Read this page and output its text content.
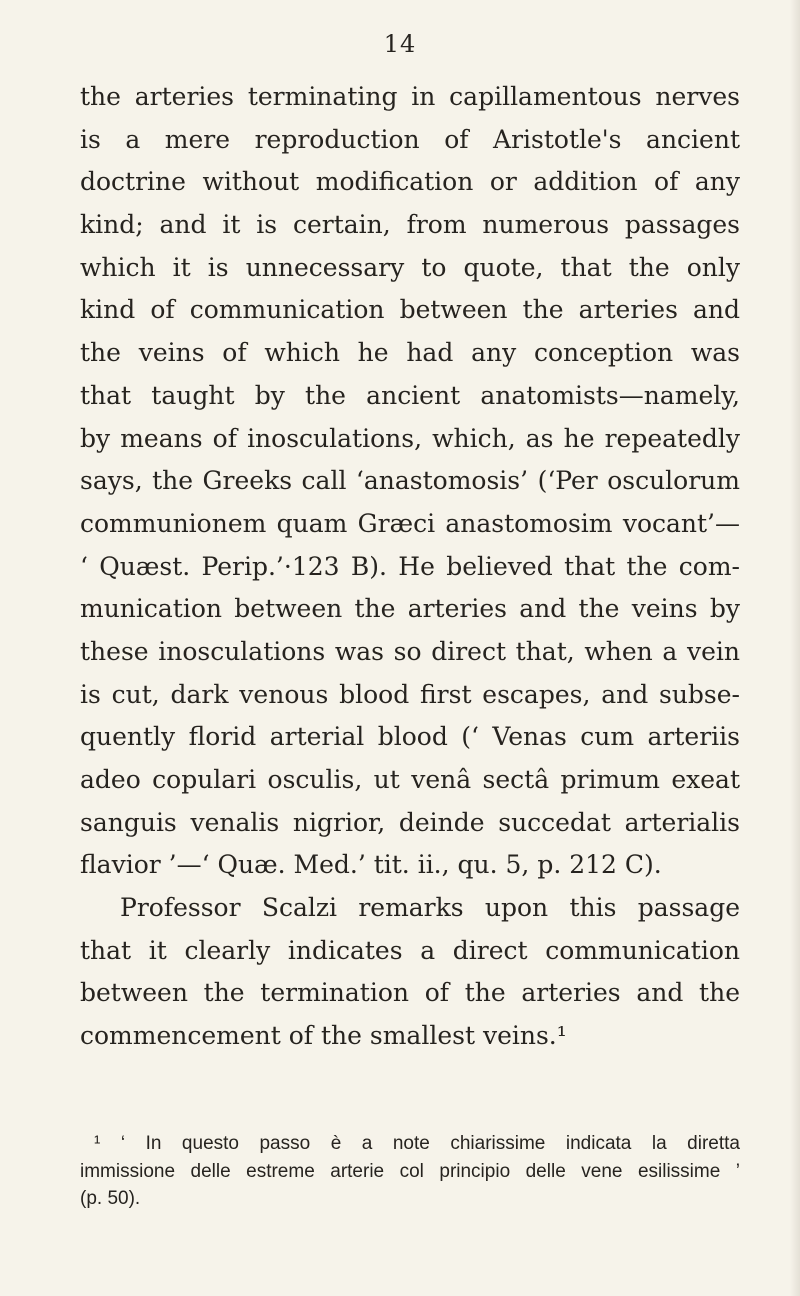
14
the arteries terminating in capillamentous nerves
is a mere reproduction of Aristotle's ancient
doctrine without modification or addition of any
kind; and it is certain, from numerous passages
which it is unnecessary to quote, that the only
kind of communication between the arteries and
the veins of which he had any conception was
that taught by the ancient anatomists—namely,
by means of inosculations, which, as he repeatedly
says, the Greeks call ‘anastomosis’ (‘Per osculorum
communionem quam Græci anastomosim vocant’—
‘ Quæst. Perip.’·123 B). He believed that the com-
munication between the arteries and the veins by
these inosculations was so direct that, when a vein
is cut, dark venous blood first escapes, and subse-
quently florid arterial blood (‘ Venas cum arteriis
adeo copulari osculis, ut venâ sectâ primum exeat
sanguis venalis nigrior, deinde succedat arterialis
flavior ’—‘ Quæ. Med.’ tit. ii., qu. 5, p. 212 C).
Professor Scalzi remarks upon this passage
that it clearly indicates a direct communication
between the termination of the arteries and the
commencement of the smallest veins.¹
¹ ‘ In questo passo è a note chiarissime indicata la diretta
immissione delle estreme arterie col principio delle vene esilissime ’
(p. 50).
